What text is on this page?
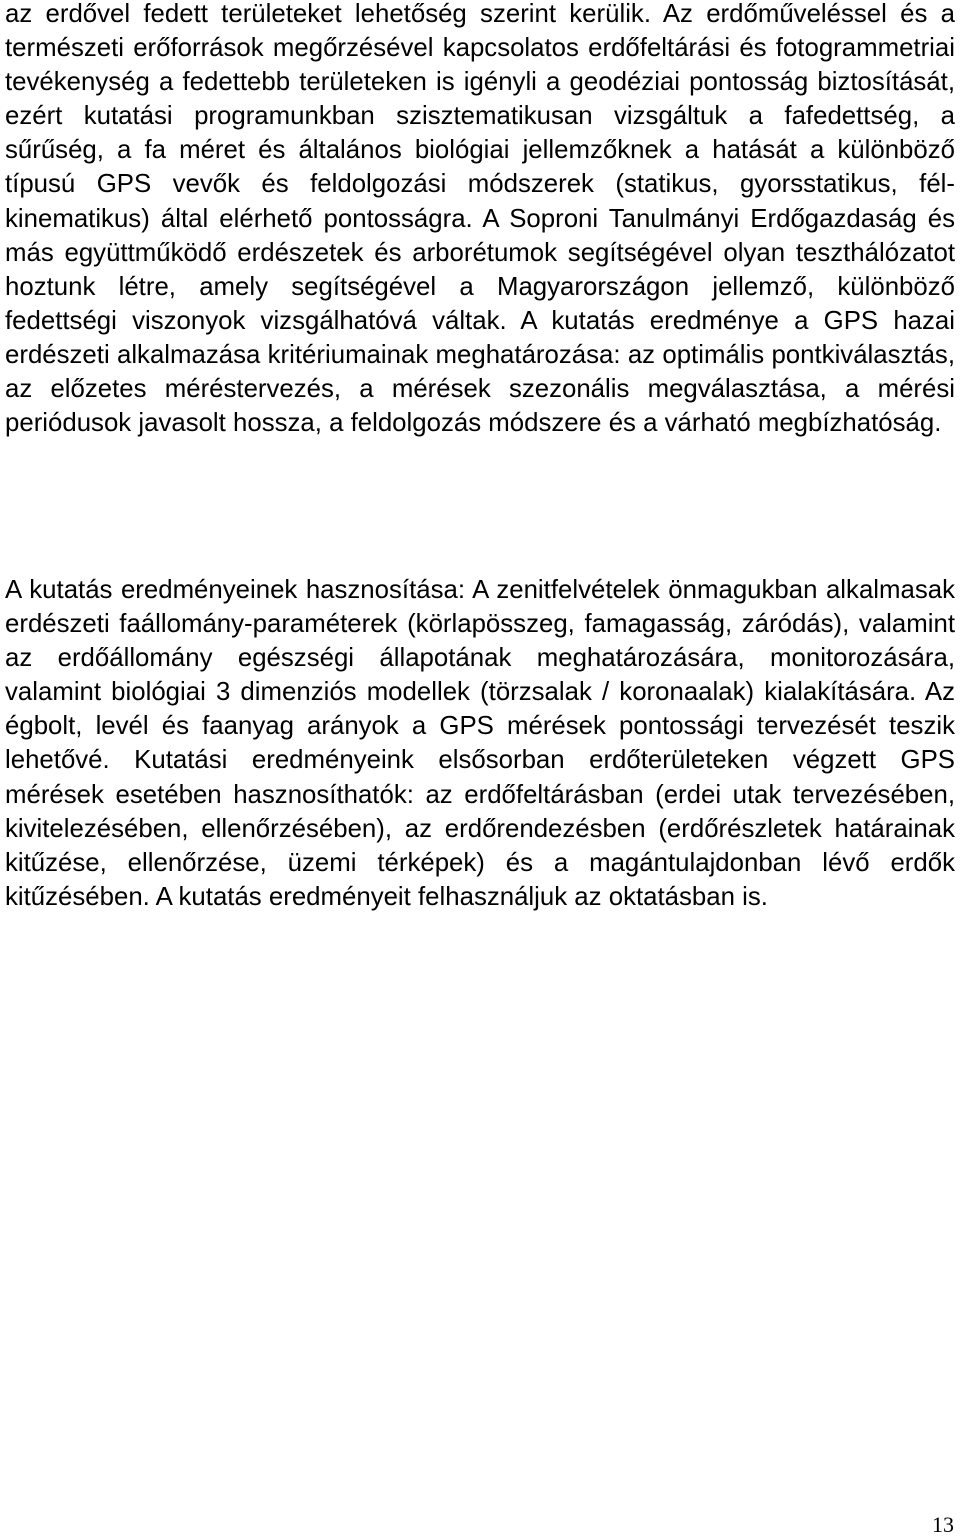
az erdővel fedett területeket lehetőség szerint kerülik. Az erdőműveléssel és a természeti erőforrások megőrzésével kapcsolatos erdőfeltárási és fotogrammetriai tevékenység a fedettebb területeken is igényli a geodéziai pontosság biztosítását, ezért kutatási programunkban szisztematikusan vizsgáltuk a fafedettség, a sűrűség, a fa méret és általános biológiai jellemzőknek a hatását a különböző típusú GPS vevők és feldolgozási módszerek (statikus, gyorsstatikus, fél-kinematikus) által elérhető pontosságra. A Soproni Tanulmányi Erdőgazdaság és más együttműködő erdészetek és arborétumok segítségével olyan teszthálózatot hoztunk létre, amely segítségével a Magyarországon jellemző, különböző fedettségi viszonyok vizsgálhatóvá váltak. A kutatás eredménye a GPS hazai erdészeti alkalmazása kritériumainak meghatározása: az optimális pontkiválasztás, az előzetes méréstervezés, a mérések szezonális megválasztása, a mérési periódusok javasolt hossza, a feldolgozás módszere és a várható megbízhatóság.

A kutatás eredményeinek hasznosítása: A zenitfelvételek önmagukban alkalmasak erdészeti faállomány-paraméterek (körlapösszeg, famagasság, záródás), valamint az erdőállomány egészségi állapotának meghatározására, monitorozására, valamint biológiai 3 dimenziós modellek (törzsalak / koronaalak) kialakítására. Az égbolt, levél és faanyag arányok a GPS mérések pontossági tervezését teszik lehetővé. Kutatási eredményeink elsősorban erdőterületeken végzett GPS mérések esetében hasznosíthatók: az erdőfeltárásban (erdei utak tervezésében, kivitelezésében, ellenőrzésében), az erdőrendezésben (erdőrészletek határainak kitűzése, ellenőrzése, üzemi térképek) és a magántulajdonban lévő erdők kitűzésében. A kutatás eredményeit felhasználjuk az oktatásban is.

13
